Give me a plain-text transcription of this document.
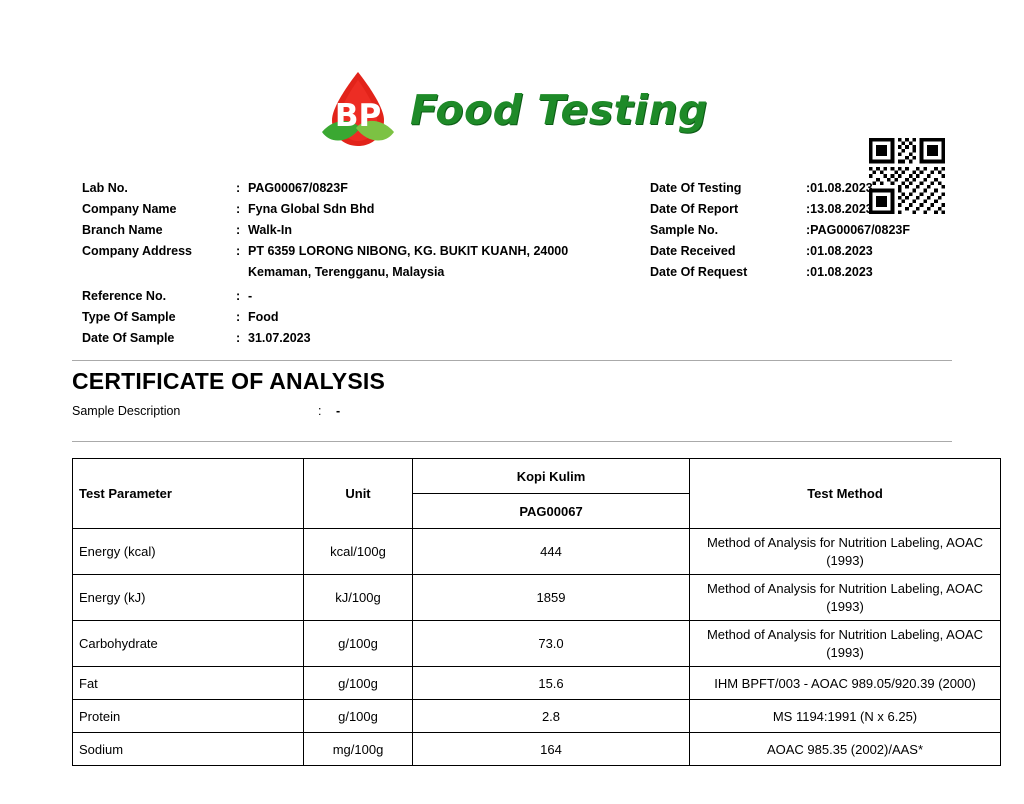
BP Food Testing
Lab No.	: PAG00067/0823F
Company Name	: Fyna Global Sdn Bhd
Branch Name	: Walk-In
Company Address	: PT 6359 LORONG NIBONG, KG. BUKIT KUANH, 24000
Kemaman, Terengganu, Malaysia
Reference No.	: -
Type Of Sample	: Food
Date Of Sample	: 31.07.2023
Date Of Testing	:01.08.2023
Date Of Report	:13.08.2023
Sample No.	:PAG00067/0823F
Date Received	:01.08.2023
Date Of Request	:01.08.2023
CERTIFICATE OF ANALYSIS
Sample Description	: -
Test Parameter	Unit	Kopi Kulim	Test Method
		PAG00067	
Energy (kcal)	kcal/100g	444	Method of Analysis for Nutrition Labeling, AOAC (1993)
Energy (kJ)	kJ/100g	1859	Method of Analysis for Nutrition Labeling, AOAC (1993)
Carbohydrate	g/100g	73.0	Method of Analysis for Nutrition Labeling, AOAC (1993)
Fat	g/100g	15.6	IHM BPFT/003 - AOAC 989.05/920.39 (2000)
Protein	g/100g	2.8	MS 1194:1991 (N x 6.25)
Sodium	mg/100g	164	AOAC 985.35 (2002)/AAS*
